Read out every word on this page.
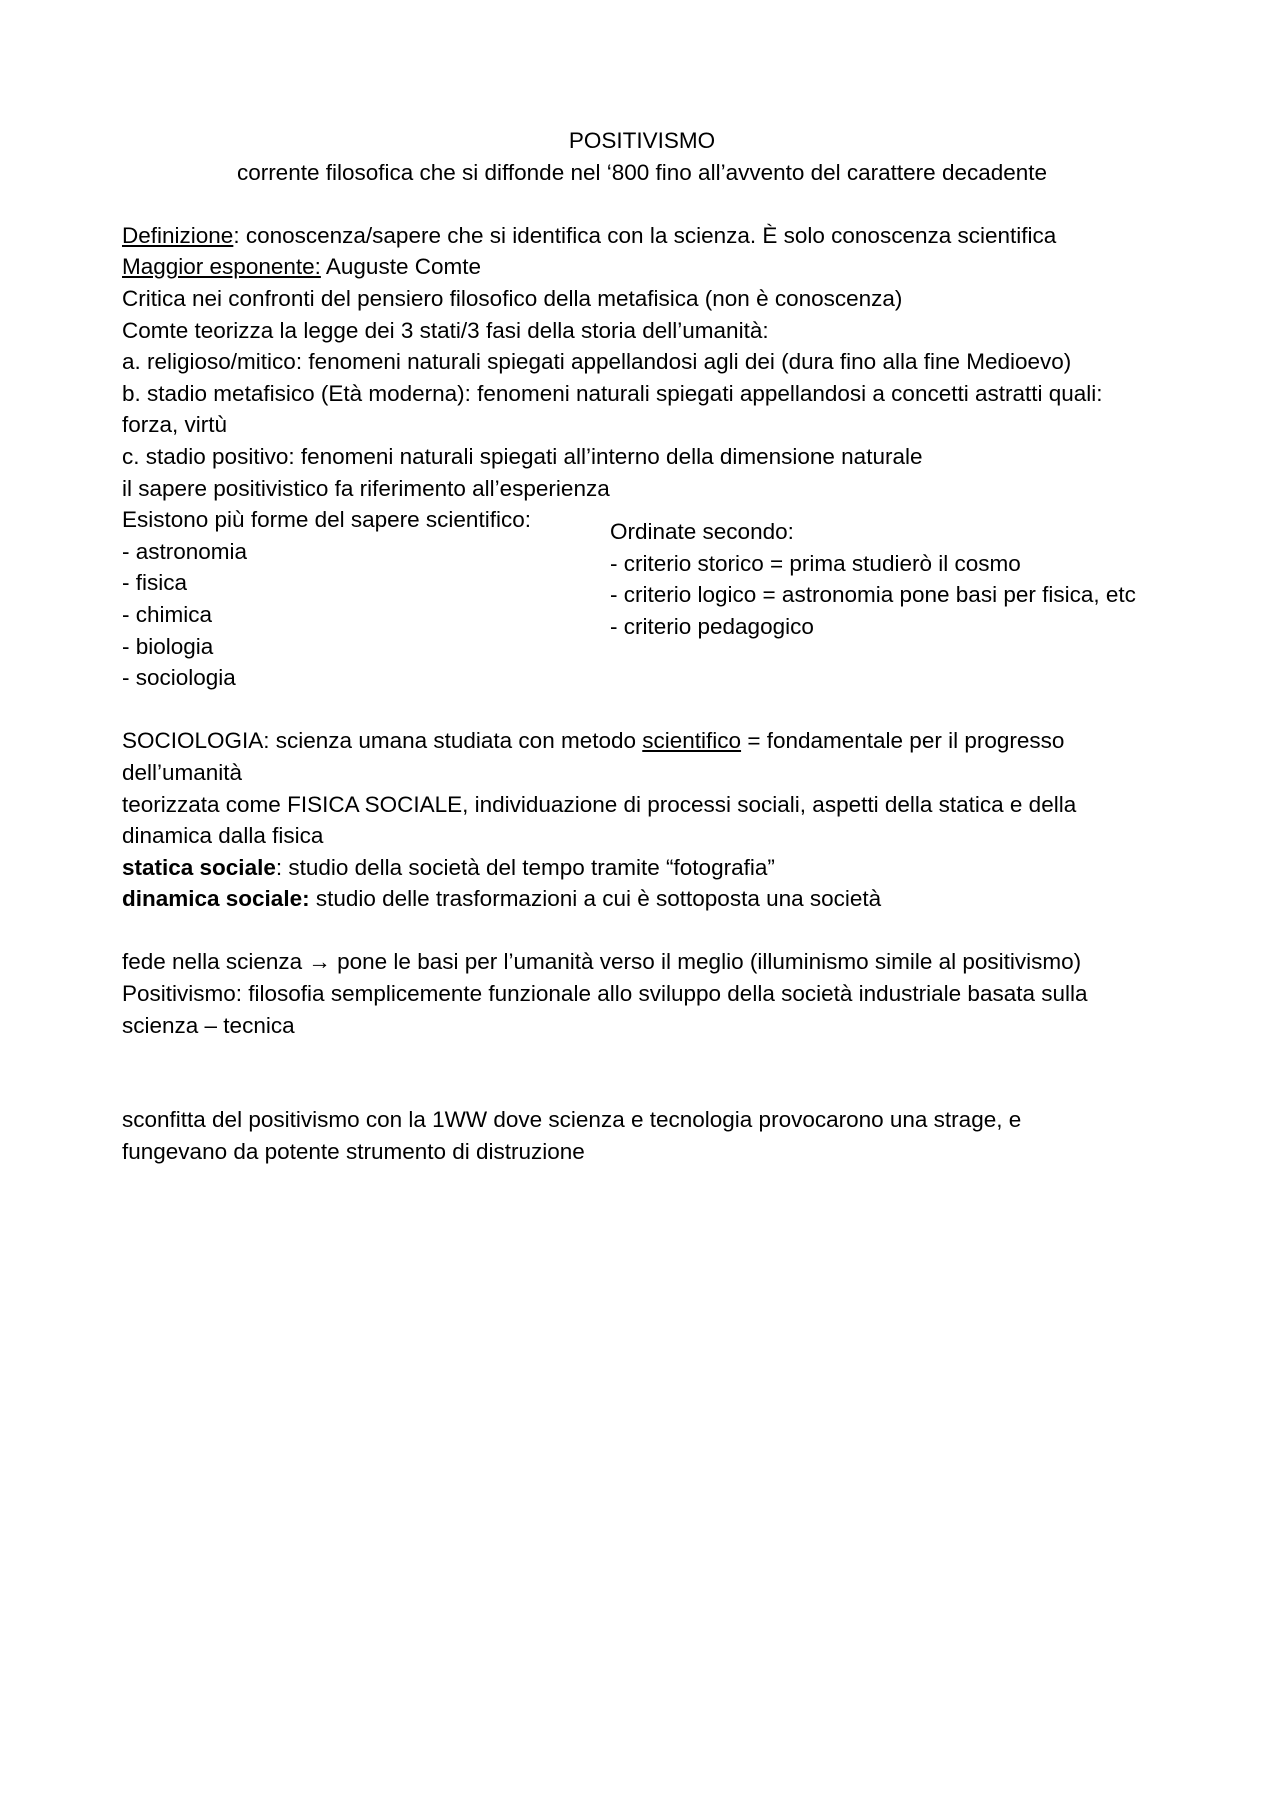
POSITIVISMO

corrente filosofica che si diffonde nel ‘800 fino all’avvento del carattere decadente

Definizione: conoscenza/sapere che si identifica con la scienza. È solo conoscenza scientifica

Maggior esponente: Auguste Comte

Critica nei confronti del pensiero filosofico della metafisica (non è conoscenza)

Comte teorizza la legge dei 3 stati/3 fasi della storia dell’umanità:

a. religioso/mitico: fenomeni naturali spiegati appellandosi agli dei (dura fino alla fine Medioevo)

b. stadio metafisico (Età moderna): fenomeni naturali spiegati appellandosi a concetti astratti quali:

forza, virtù

c. stadio positivo: fenomeni naturali spiegati all’interno della dimensione naturale

il sapere positivistico fa riferimento all’esperienza

Esistono più forme del sapere scientifico:

- astronomia

- fisica

- chimica

- biologia

- sociologia

Ordinate secondo:

- criterio storico = prima studierò il cosmo

- criterio logico = astronomia pone basi per fisica, etc

- criterio pedagogico

SOCIOLOGIA: scienza umana studiata con metodo scientifico = fondamentale per il progresso

dell’umanità

teorizzata come FISICA SOCIALE, individuazione di processi sociali, aspetti della statica e della

dinamica dalla fisica

statica sociale: studio della società del tempo tramite “fotografia”

dinamica sociale: studio delle trasformazioni a cui è sottoposta una società

fede nella scienza → pone le basi per l’umanità verso il meglio (illuminismo simile al positivismo)

Positivismo: filosofia semplicemente funzionale allo sviluppo della società industriale basata sulla

scienza – tecnica

sconfitta del positivismo con la 1WW dove scienza e tecnologia provocarono una strage, e

fungevano da potente strumento di distruzione
